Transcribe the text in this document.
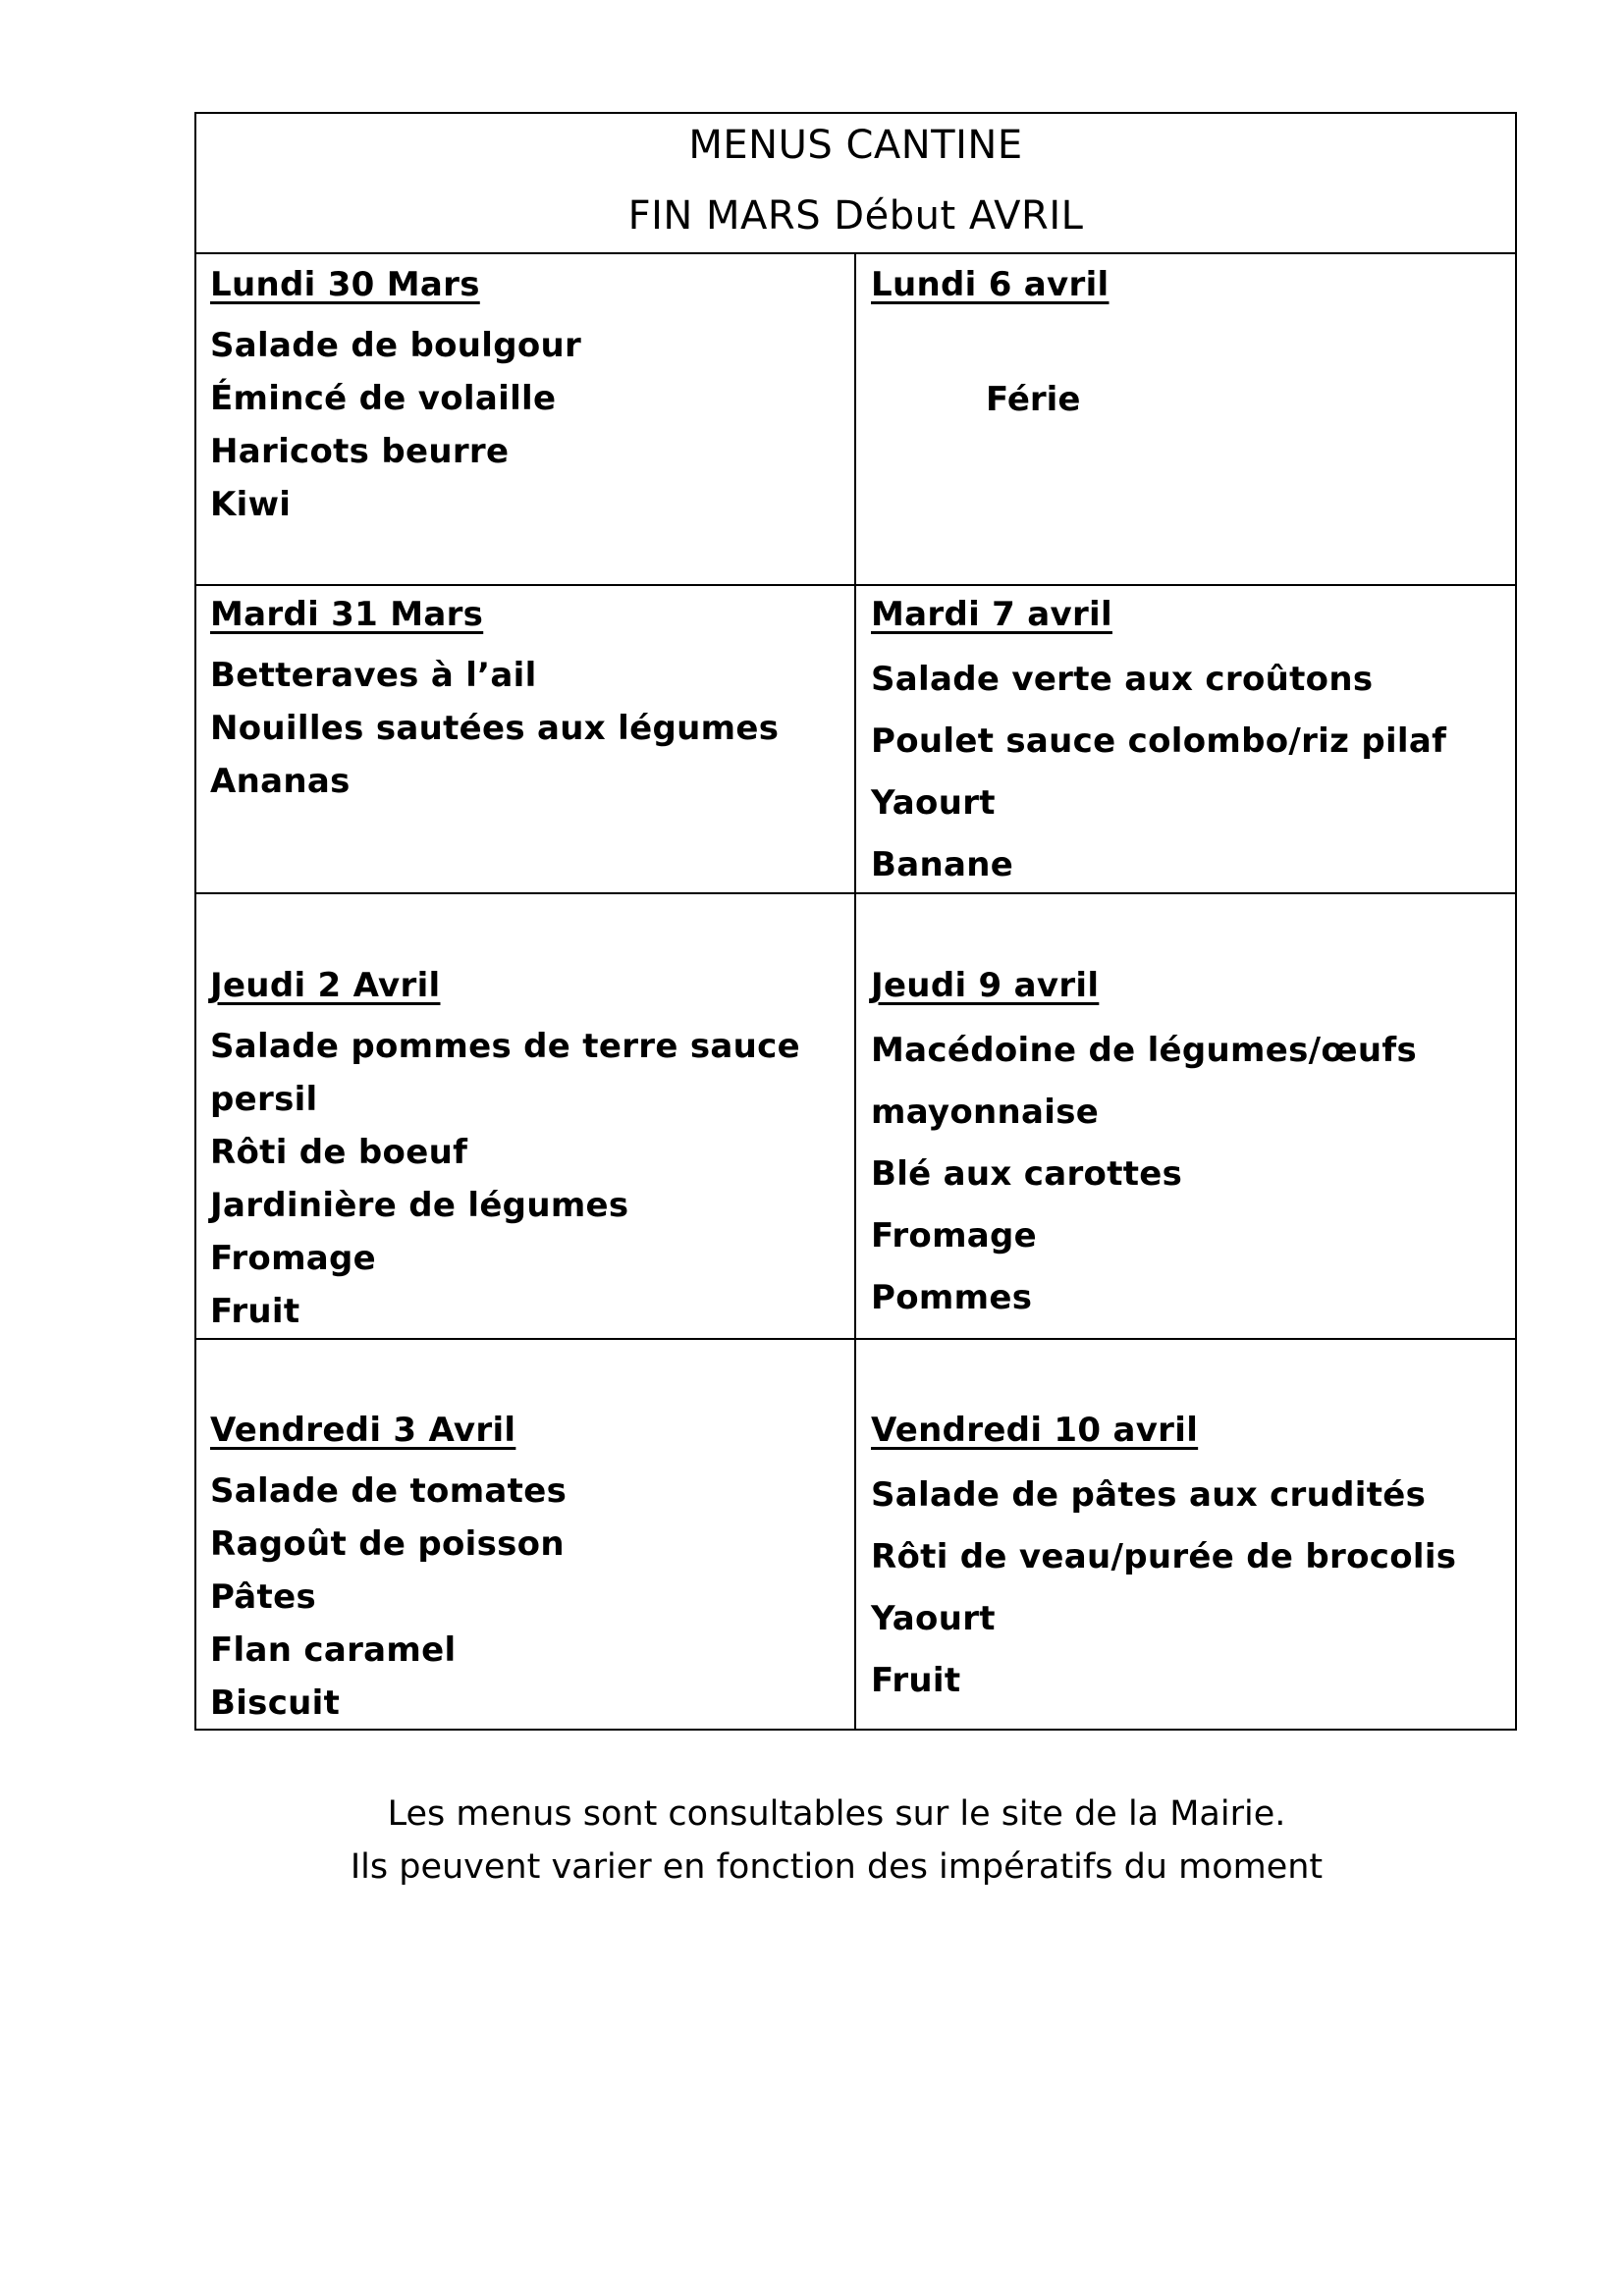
MENUS CANTINE
FIN MARS Début AVRIL
Lundi 30 Mars
Salade de boulgour
Émincé de volaille
Haricots beurre
Kiwi
Lundi 6 avril
Férie
Mardi 31 Mars
Betteraves à l’ail
Nouilles sautées aux légumes
Ananas
Mardi 7 avril
Salade verte aux croûtons
Poulet sauce colombo/riz pilaf
Yaourt
Banane
Jeudi 2 Avril
Salade pommes de terre sauce
persil
Rôti de boeuf
Jardinière de légumes
Fromage
Fruit
Jeudi 9 avril
Macédoine de légumes/œufs
mayonnaise
Blé aux carottes
Fromage
Pommes
Vendredi 3 Avril
Salade de tomates
Ragoût de poisson
Pâtes
Flan caramel
Biscuit
Vendredi 10 avril
Salade de pâtes aux crudités
Rôti de veau/purée de brocolis
Yaourt
Fruit
Les menus sont consultables sur le site de la Mairie.
Ils peuvent varier en fonction des impératifs du moment
